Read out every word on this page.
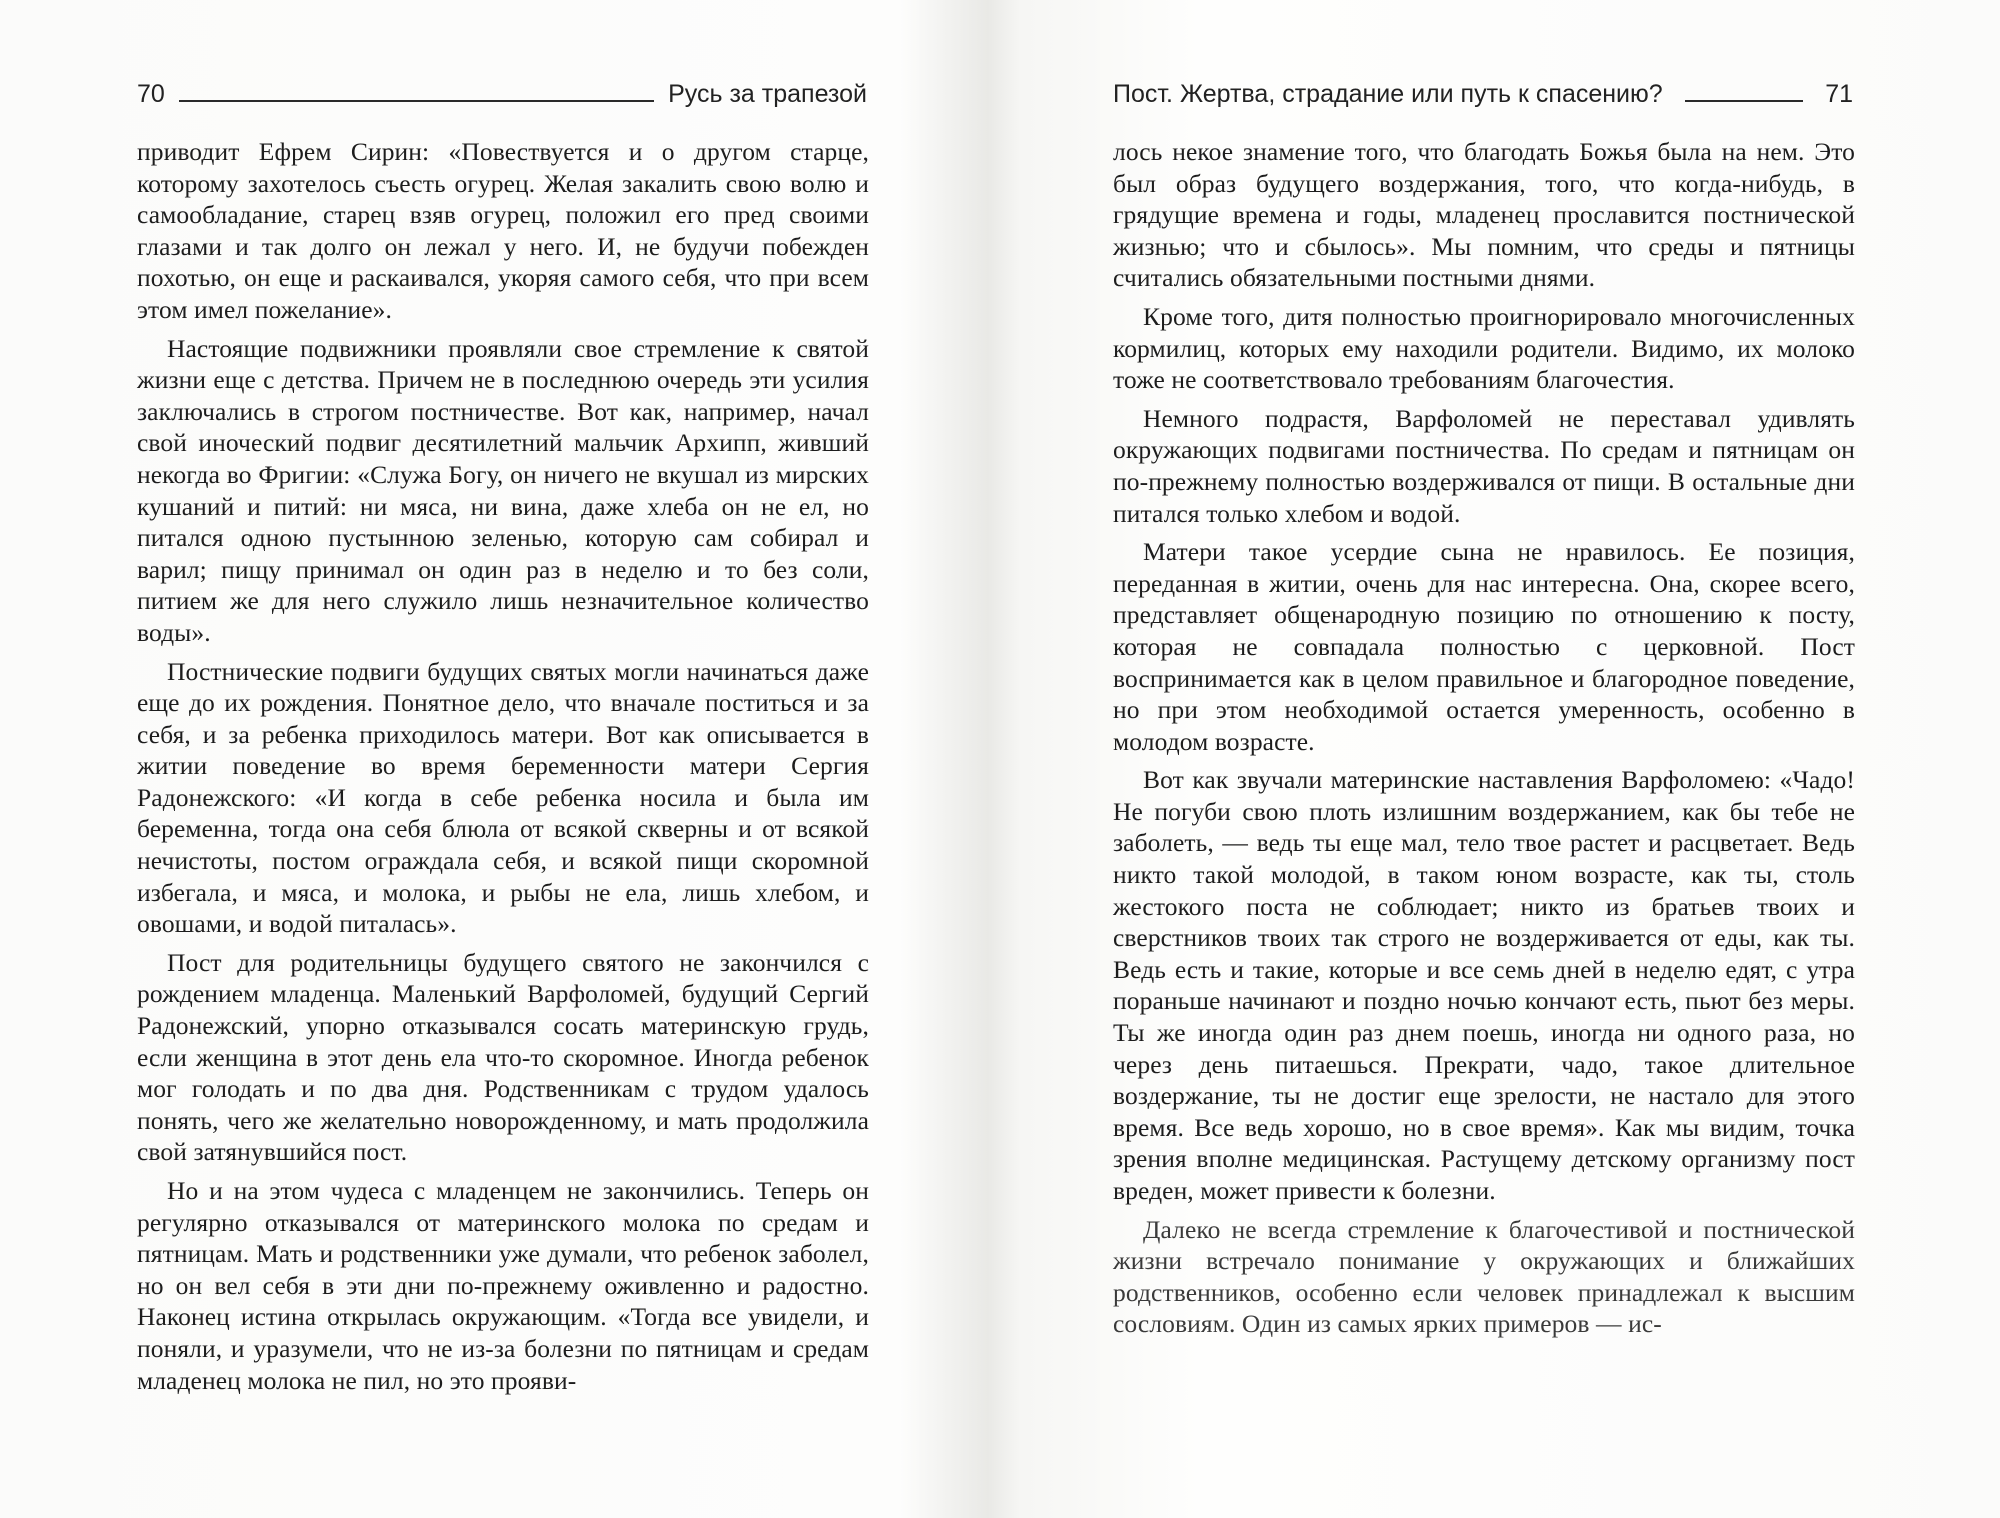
70	Русь за трапезой

приводит Ефрем Сирин: «Повествуется и о другом старце, которому захотелось съесть огурец. Желая закалить свою волю и самообладание, старец взяв огурец, положил его пред своими глазами и так долго он лежал у него. И, не будучи побежден похотью, он еще и раскаивался, укоряя самого себя, что при всем этом имел пожелание».

Настоящие подвижники проявляли свое стремление к святой жизни еще с детства. Причем не в последнюю очередь эти усилия заключались в строгом постничестве. Вот как, например, начал свой иноческий подвиг десятилетний мальчик Архипп, живший некогда во Фригии: «Служа Богу, он ничего не вкушал из мирских кушаний и питий: ни мяса, ни вина, даже хлеба он не ел, но питался одною пустынною зеленью, которую сам собирал и варил; пищу принимал он один раз в неделю и то без соли, питием же для него служило лишь незначительное количество воды».

Постнические подвиги будущих святых могли начинаться даже еще до их рождения. Понятное дело, что вначале поститься и за себя, и за ребенка приходилось матери. Вот как описывается в житии поведение во время беременности матери Сергия Радонежского: «И когда в себе ребенка носила и была им беременна, тогда она себя блюла от всякой скверны и от всякой нечистоты, постом ограждала себя, и всякой пищи скоромной избегала, и мяса, и молока, и рыбы не ела, лишь хлебом, и овошами, и водой питалась».

Пост для родительницы будущего святого не закончился с рождением младенца. Маленький Варфоломей, будущий Сергий Радонежский, упорно отказывался сосать материнскую грудь, если женщина в этот день ела что-то скоромное. Иногда ребенок мог голодать и по два дня. Родственникам с трудом удалось понять, чего же желательно новорожденному, и мать продолжила свой затянувшийся пост.

Но и на этом чудеса с младенцем не закончились. Теперь он регулярно отказывался от материнского молока по средам и пятницам. Мать и родственники уже думали, что ребенок заболел, но он вел себя в эти дни по-прежнему оживленно и радостно. Наконец истина открылась окружающим. «Тогда все увидели, и поняли, и уразумели, что не из-за болезни по пятницам и средам младенец молока не пил, но это прояви-

Пост. Жертва, страдание или путь к спасению?	71

лось некое знамение того, что благодать Божья была на нем. Это был образ будущего воздержания, того, что когда-нибудь, в грядущие времена и годы, младенец прославится постнической жизнью; что и сбылось». Мы помним, что среды и пятницы считались обязательными постными днями.

Кроме того, дитя полностью проигнорировало многочисленных кормилиц, которых ему находили родители. Видимо, их молоко тоже не соответствовало требованиям благочестия.

Немного подрастя, Варфоломей не переставал удивлять окружающих подвигами постничества. По средам и пятницам он по-прежнему полностью воздерживался от пищи. В остальные дни питался только хлебом и водой.

Матери такое усердие сына не нравилось. Ее позиция, переданная в житии, очень для нас интересна. Она, скорее всего, представляет общенародную позицию по отношению к посту, которая не совпадала полностью с церковной. Пост воспринимается как в целом правильное и благородное поведение, но при этом необходимой остается умеренность, особенно в молодом возрасте.

Вот как звучали материнские наставления Варфоломею: «Чадо! Не погуби свою плоть излишним воздержанием, как бы тебе не заболеть, — ведь ты еще мал, тело твое растет и расцветает. Ведь никто такой молодой, в таком юном возрасте, как ты, столь жестокого поста не соблюдает; никто из братьев твоих и сверстников твоих так строго не воздерживается от еды, как ты. Ведь есть и такие, которые и все семь дней в неделю едят, с утра пораньше начинают и поздно ночью кончают есть, пьют без меры. Ты же иногда один раз днем поешь, иногда ни одного раза, но через день питаешься. Прекрати, чадо, такое длительное воздержание, ты не достиг еще зрелости, не настало для этого время. Все ведь хорошо, но в свое время». Как мы видим, точка зрения вполне медицинская. Растущему детскому организму пост вреден, может привести к болезни.

Далеко не всегда стремление к благочестивой и постнической жизни встречало понимание у окружающих и ближайших родственников, особенно если человек принадлежал к высшим сословиям. Один из самых ярких примеров — ис-
